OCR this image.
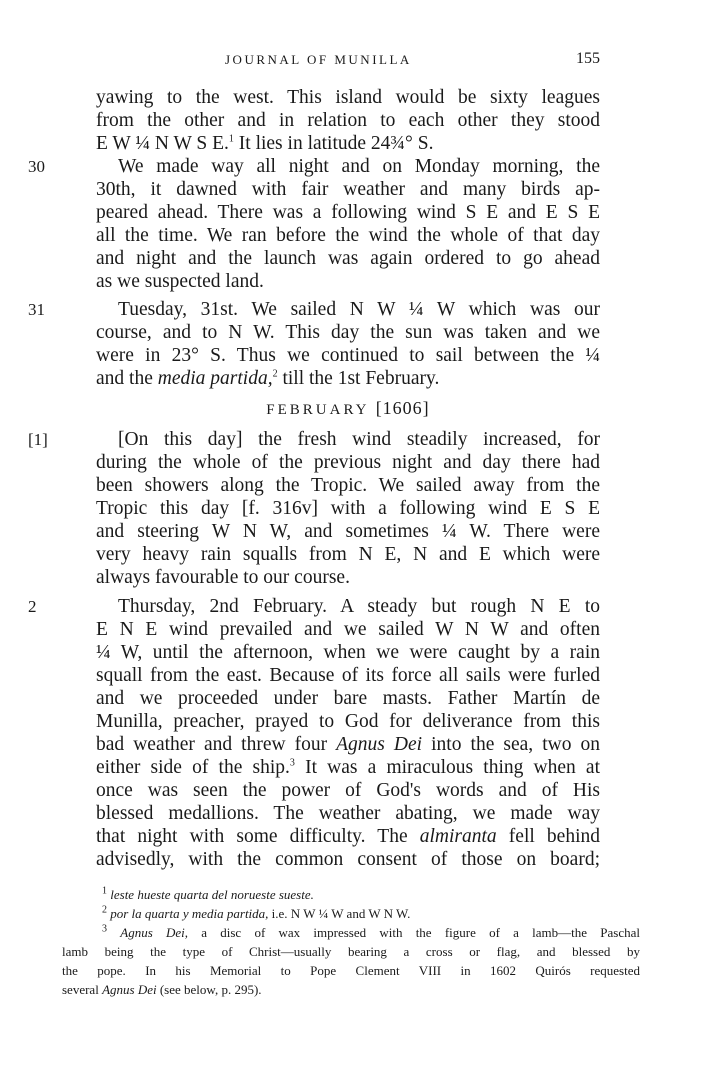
JOURNAL OF MUNILLA	155
30
31
[1]
2
yawing to the west. This island would be sixty leagues
from the other and in relation to each other they stood
E W ¼ N W S E.$^1$ It lies in latitude 24¾° S.
We made way all night and on Monday morning, the
30th, it dawned with fair weather and many birds ap-
peared ahead. There was a following wind S E and E S E
all the time. We ran before the wind the whole of that day
and night and the launch was again ordered to go ahead
as we suspected land.
Tuesday, 31st. We sailed N W ¼ W which was our
course, and to N W. This day the sun was taken and we
were in 23° S. Thus we continued to sail between the ¼
and the media partida,$^2$ till the 1st February.
FEBRUARY [1606]
[On this day] the fresh wind steadily increased, for
during the whole of the previous night and day there had
been showers along the Tropic. We sailed away from the
Tropic this day [f. 316v] with a following wind E S E
and steering W N W, and sometimes ¼ W. There were
very heavy rain squalls from N E, N and E which were
always favourable to our course.
Thursday, 2nd February. A steady but rough N E to
E N E wind prevailed and we sailed W N W and often
¼ W, until the afternoon, when we were caught by a rain
squall from the east. Because of its force all sails were furled
and we proceeded under bare masts. Father Martín de
Munilla, preacher, prayed to God for deliverance from this
bad weather and threw four Agnus Dei into the sea, two on
either side of the ship.$^3$ It was a miraculous thing when at
once was seen the power of God's words and of His
blessed medallions. The weather abating, we made way
that night with some difficulty. The almiranta fell behind
advisedly, with the common consent of those on board;
$^1$ leste hueste quarta del norueste sueste.
$^2$ por la quarta y media partida, i.e. N W ¼ W and W N W.
$^3$ Agnus Dei, a disc of wax impressed with the figure of a lamb—the Paschal
lamb being the type of Christ—usually bearing a cross or flag, and blessed by
the pope. In his Memorial to Pope Clement VIII in 1602 Quirós requested
several Agnus Dei (see below, p. 295).
